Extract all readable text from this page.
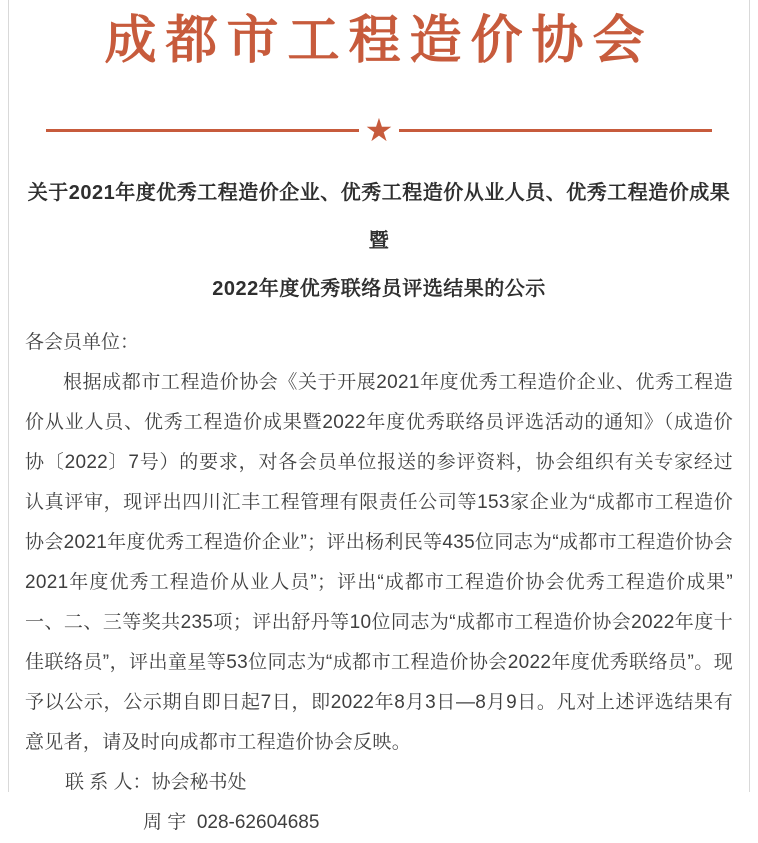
成都市工程造价协会
★
关于2021年度优秀工程造价企业、优秀工程造价从业人员、优秀工程造价成果暨
2022年度优秀联络员评选结果的公示

各会员单位：

根据成都市工程造价协会《关于开展2021年度优秀工程造价企业、优秀工程造价从业人员、优秀工程造价成果暨2022年度优秀联络员评选活动的通知》（成造价协〔2022〕7号）的要求，对各会员单位报送的参评资料，协会组织有关专家经过认真评审，现评出四川汇丰工程管理有限责任公司等153家企业为“成都市工程造价协会2021年度优秀工程造价企业”；评出杨利民等435位同志为“成都市工程造价协会2021年度优秀工程造价从业人员”；评出“成都市工程造价协会优秀工程造价成果”一、二、三等奖共235项；评出舒丹等10位同志为“成都市工程造价协会2022年度十佳联络员”，评出童星等53位同志为“成都市工程造价协会2022年度优秀联络员”。现予以公示，公示期自即日起7日，即2022年8月3日—8月9日。凡对上述评选结果有意见者，请及时向成都市工程造价协会反映。

联 系 人：协会秘书处

周 宇  028-62604685
